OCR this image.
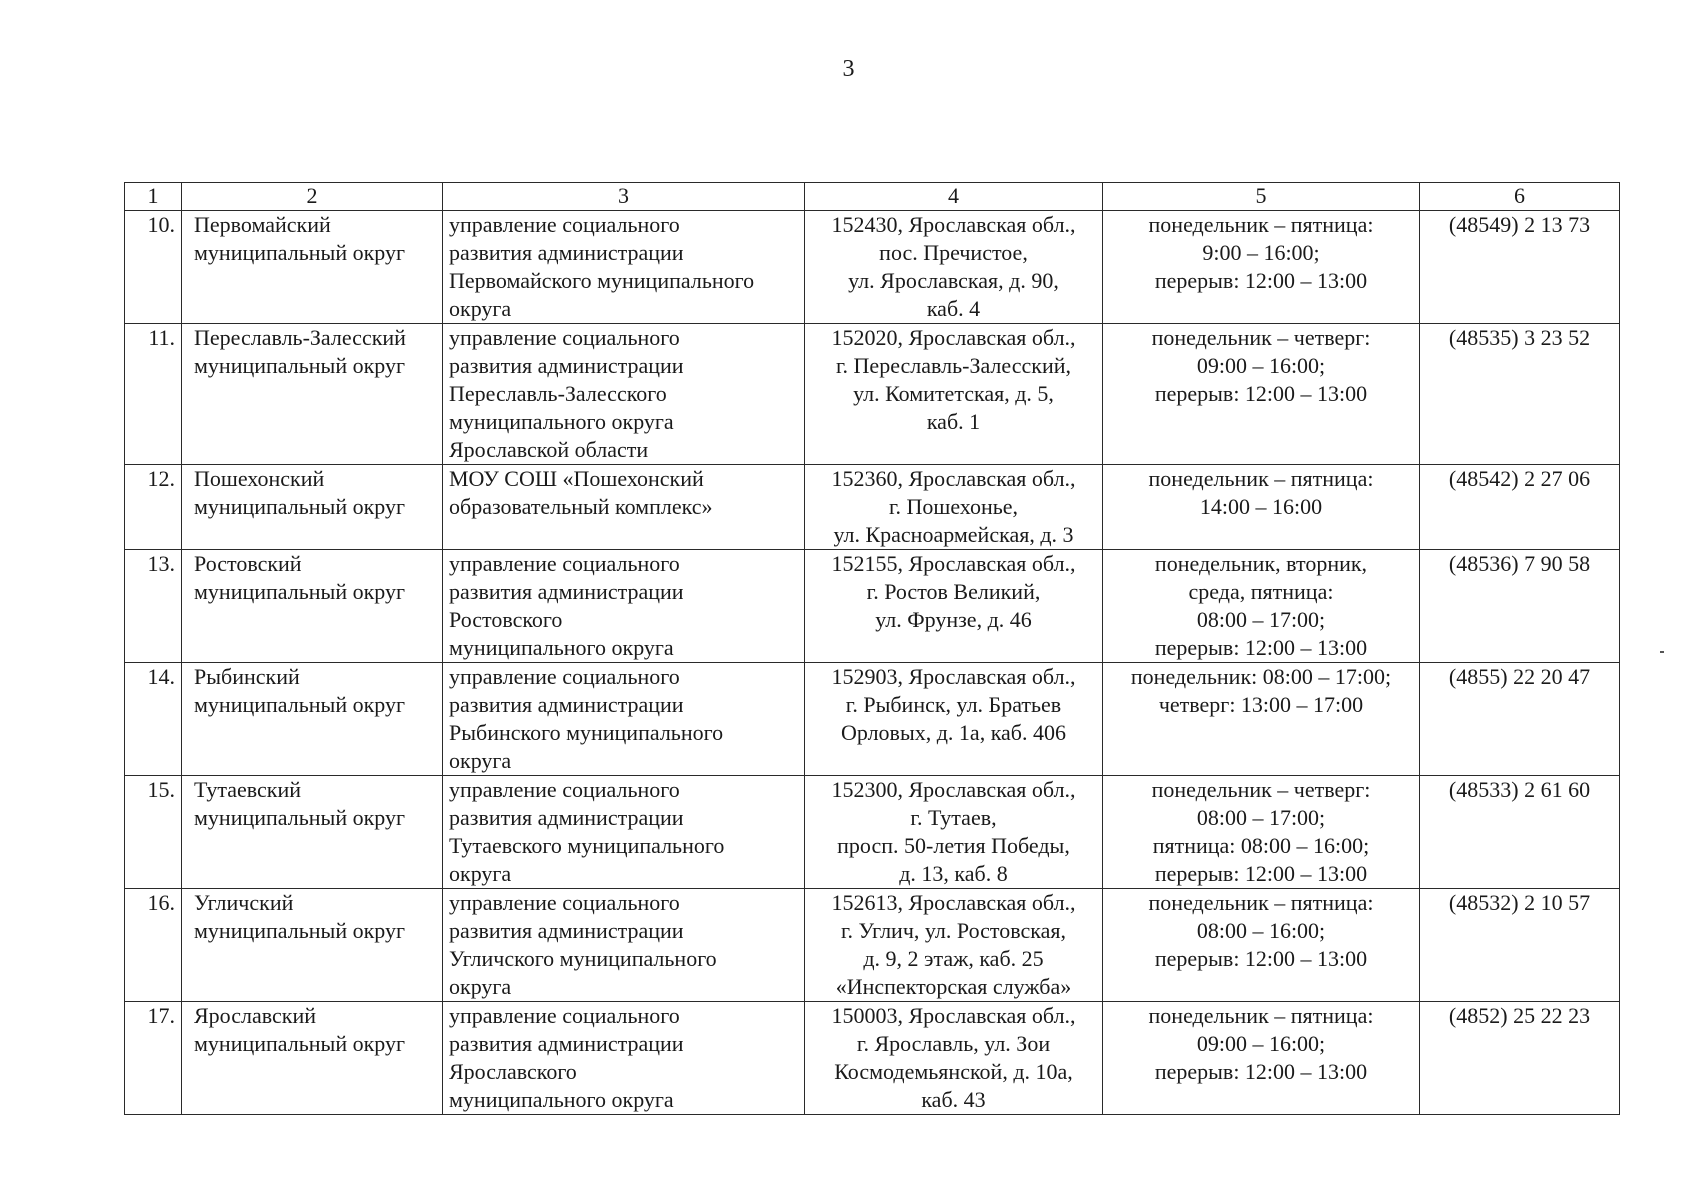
3
1	2	3	4	5	6
10.	Первомайский
муниципальный округ	управление социального
развития администрации
Первомайского муниципального
округа	152430, Ярославская обл.,
пос. Пречистое,
ул. Ярославская, д. 90,
каб. 4	понедельник – пятница:
9:00 – 16:00;
перерыв: 12:00 – 13:00	(48549) 2 13 73
11.	Переславль-Залесский
муниципальный округ	управление социального
развития администрации
Переславль-Залесского
муниципального округа
Ярославской области	152020, Ярославская обл.,
г. Переславль-Залесский,
ул. Комитетская, д. 5,
каб. 1	понедельник – четверг:
09:00 – 16:00;
перерыв: 12:00 – 13:00	(48535) 3 23 52
12.	Пошехонский
муниципальный округ	МОУ СОШ «Пошехонский
образовательный комплекс»	152360, Ярославская обл.,
г. Пошехонье,
ул. Красноармейская, д. 3	понедельник – пятница:
14:00 – 16:00	(48542) 2 27 06
13.	Ростовский
муниципальный округ	управление социального
развития администрации
Ростовского
муниципального округа	152155, Ярославская обл.,
г. Ростов Великий,
ул. Фрунзе, д. 46	понедельник, вторник,
среда, пятница:
08:00 – 17:00;
перерыв: 12:00 – 13:00	(48536) 7 90 58
14.	Рыбинский
муниципальный округ	управление социального
развития администрации
Рыбинского муниципального
округа	152903, Ярославская обл.,
г. Рыбинск, ул. Братьев
Орловых, д. 1а, каб. 406	понедельник: 08:00 – 17:00;
четверг: 13:00 – 17:00	(4855) 22 20 47
15.	Тутаевский
муниципальный округ	управление социального
развития администрации
Тутаевского муниципального
округа	152300, Ярославская обл.,
г. Тутаев,
просп. 50-летия Победы,
д. 13, каб. 8	понедельник – четверг:
08:00 – 17:00;
пятница: 08:00 – 16:00;
перерыв: 12:00 – 13:00	(48533) 2 61 60
16.	Угличский
муниципальный округ	управление социального
развития администрации
Угличского муниципального
округа	152613, Ярославская обл.,
г. Углич, ул. Ростовская,
д. 9, 2 этаж, каб. 25
«Инспекторская служба»	понедельник – пятница:
08:00 – 16:00;
перерыв: 12:00 – 13:00	(48532) 2 10 57
17.	Ярославский
муниципальный округ	управление социального
развития администрации
Ярославского
муниципального округа	150003, Ярославская обл.,
г. Ярославль, ул. Зои
Космодемьянской, д. 10а,
каб. 43	понедельник – пятница:
09:00 – 16:00;
перерыв: 12:00 – 13:00	(4852) 25 22 23
